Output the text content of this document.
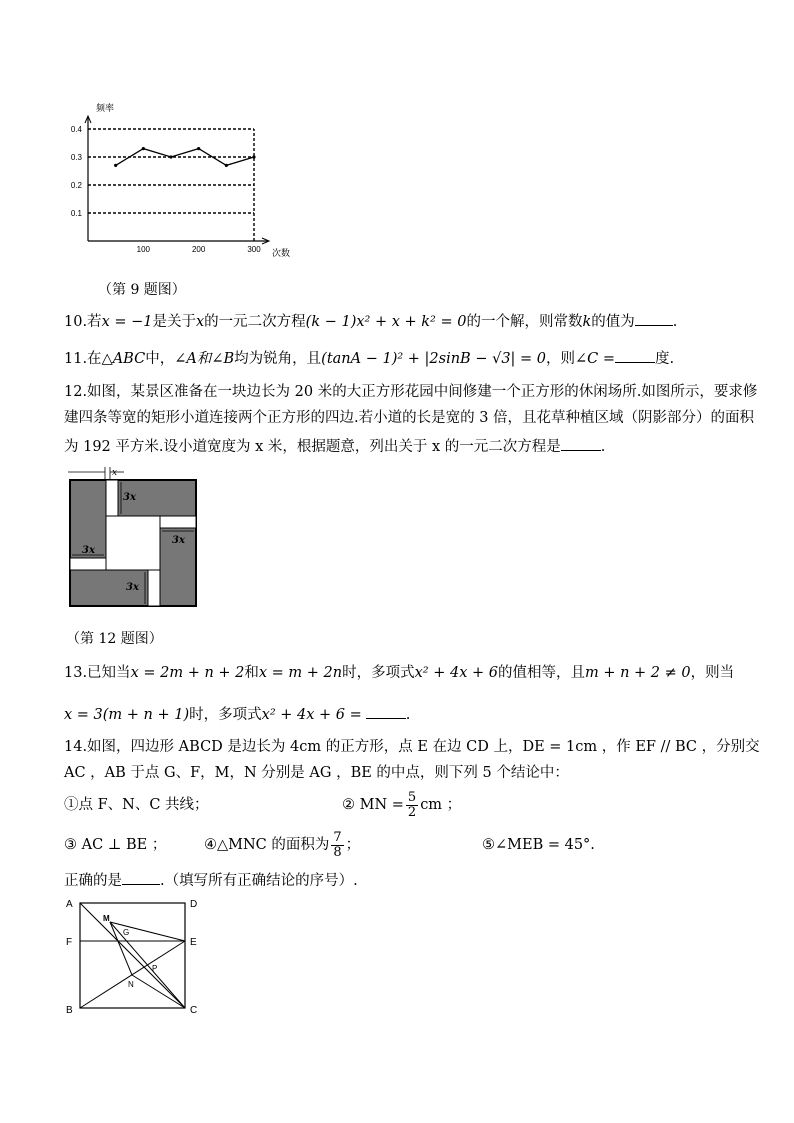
0.1
0.2
0.3
0.4
100	200	300
频率
次数
（第 9 题图）
10.若x = −1是关于x的一元二次方程(k − 1)x² + x + k² = 0的一个解，则常数k的值为	.
11.在△ABC中，∠A和∠B均为锐角，且(tanA − 1)² + |2sinB − √3| = 0，则∠C =	度.
12.如图，某景区准备在一块边长为 20 米的大正方形花园中间修建一个正方形的休闲场所.如图所示，要求修
建四条等宽的矩形小道连接两个正方形的四边.若小道的长是宽的 3 倍，且花草种植区域（阴影部分）的面积
为 192 平方米.设小道宽度为 x 米，根据题意，列出关于 x 的一元二次方程是	.
x
3x
3x
3x
3x
（第 12 题图）
13.已知当x = 2m + n + 2和x = m + 2n时，多项式x² + 4x + 6的值相等，且m + n + 2 ≠ 0，则当
x = 3(m + n + 1)时，多项式x² + 4x + 6 =	.
14.如图，四边形 ABCD 是边长为 4cm 的正方形，点 E 在边 CD 上，DE = 1cm ，作 EF // BC ，分别交
AC ，AB 于点 G、F，M，N 分别是 AG ，BE 的中点，则下列 5 个结论中：
①点 F、N、C 共线；	② MN = $\frac{5}{2}$ cm ；
③ AC ⊥ BE ；	④△MNC 的面积为 $\frac{7}{8}$ ；	⑤∠MEB = 45°.
正确的是	.（填写所有正确结论的序号）.
A	D
F	E
B	C
M
G
P
N
